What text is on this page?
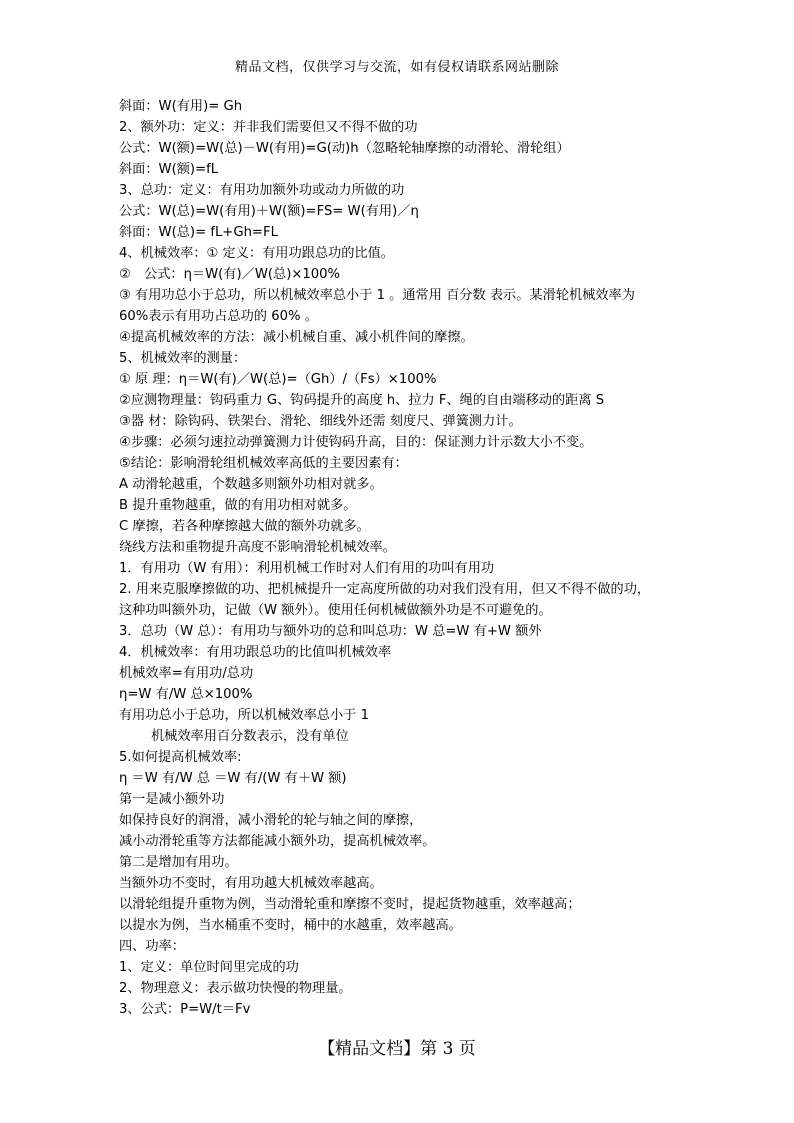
精品文档，仅供学习与交流，如有侵权请联系网站删除
斜面：W(有用)= Gh
2、额外功：定义：并非我们需要但又不得不做的功
公式：W(额)=W(总)－W(有用)=G(动)h（忽略轮轴摩擦的动滑轮、滑轮组）
斜面：W(额)=fL
3、总功：定义：有用功加额外功或动力所做的功
公式：W(总)=W(有用)＋W(额)=FS= W(有用)／η
斜面：W(总)= fL+Gh=FL
4、机械效率：① 定义：有用功跟总功的比值。
②　公式：η＝W(有)／W(总)×100%
③ 有用功总小于总功，所以机械效率总小于 1 。通常用 百分数 表示。某滑轮机械效率为
60%表示有用功占总功的 60% 。
④提高机械效率的方法：减小机械自重、减小机件间的摩擦。
5、机械效率的测量：
① 原 理：η＝W(有)／W(总)=（Gh）/（Fs）×100%
②应测物理量：钩码重力 G、钩码提升的高度 h、拉力 F、绳的自由端移动的距离 S
③器 材：除钩码、铁架台、滑轮、细线外还需 刻度尺、弹簧测力计。
④步骤：必须匀速拉动弹簧测力计使钩码升高，目的：保证测力计示数大小不变。
⑤结论：影响滑轮组机械效率高低的主要因素有：
A 动滑轮越重，个数越多则额外功相对就多。
B 提升重物越重，做的有用功相对就多。
C 摩擦，若各种摩擦越大做的额外功就多。
绕线方法和重物提升高度不影响滑轮机械效率。
1．有用功（W 有用）：利用机械工作时对人们有用的功叫有用功
2. 用来克服摩擦做的功、把机械提升一定高度所做的功对我们没有用，但又不得不做的功，
这种功叫额外功，记做（W 额外）。使用任何机械做额外功是不可避免的。
3．总功（W 总）：有用功与额外功的总和叫总功：W 总=W 有+W 额外
4．机械效率：有用功跟总功的比值叫机械效率
机械效率=有用功/总功
η=W 有/W 总×100%
有用功总小于总功，所以机械效率总小于 1
机械效率用百分数表示，没有单位
5.如何提高机械效率:
η ＝W 有/W 总 ＝W 有/(W 有＋W 额)
第一是减小额外功
如保持良好的润滑，减小滑轮的轮与轴之间的摩擦，
减小动滑轮重等方法都能减小额外功，提高机械效率。
第二是增加有用功。
当额外功不变时，有用功越大机械效率越高。
以滑轮组提升重物为例，当动滑轮重和摩擦不变时，提起货物越重，效率越高；
以提水为例，当水桶重不变时，桶中的水越重，效率越高。
四、功率：
1、定义：单位时间里完成的功
2、物理意义：表示做功快慢的物理量。
3、公式：P=W/t＝Fv
【精品文档】第 3 页
